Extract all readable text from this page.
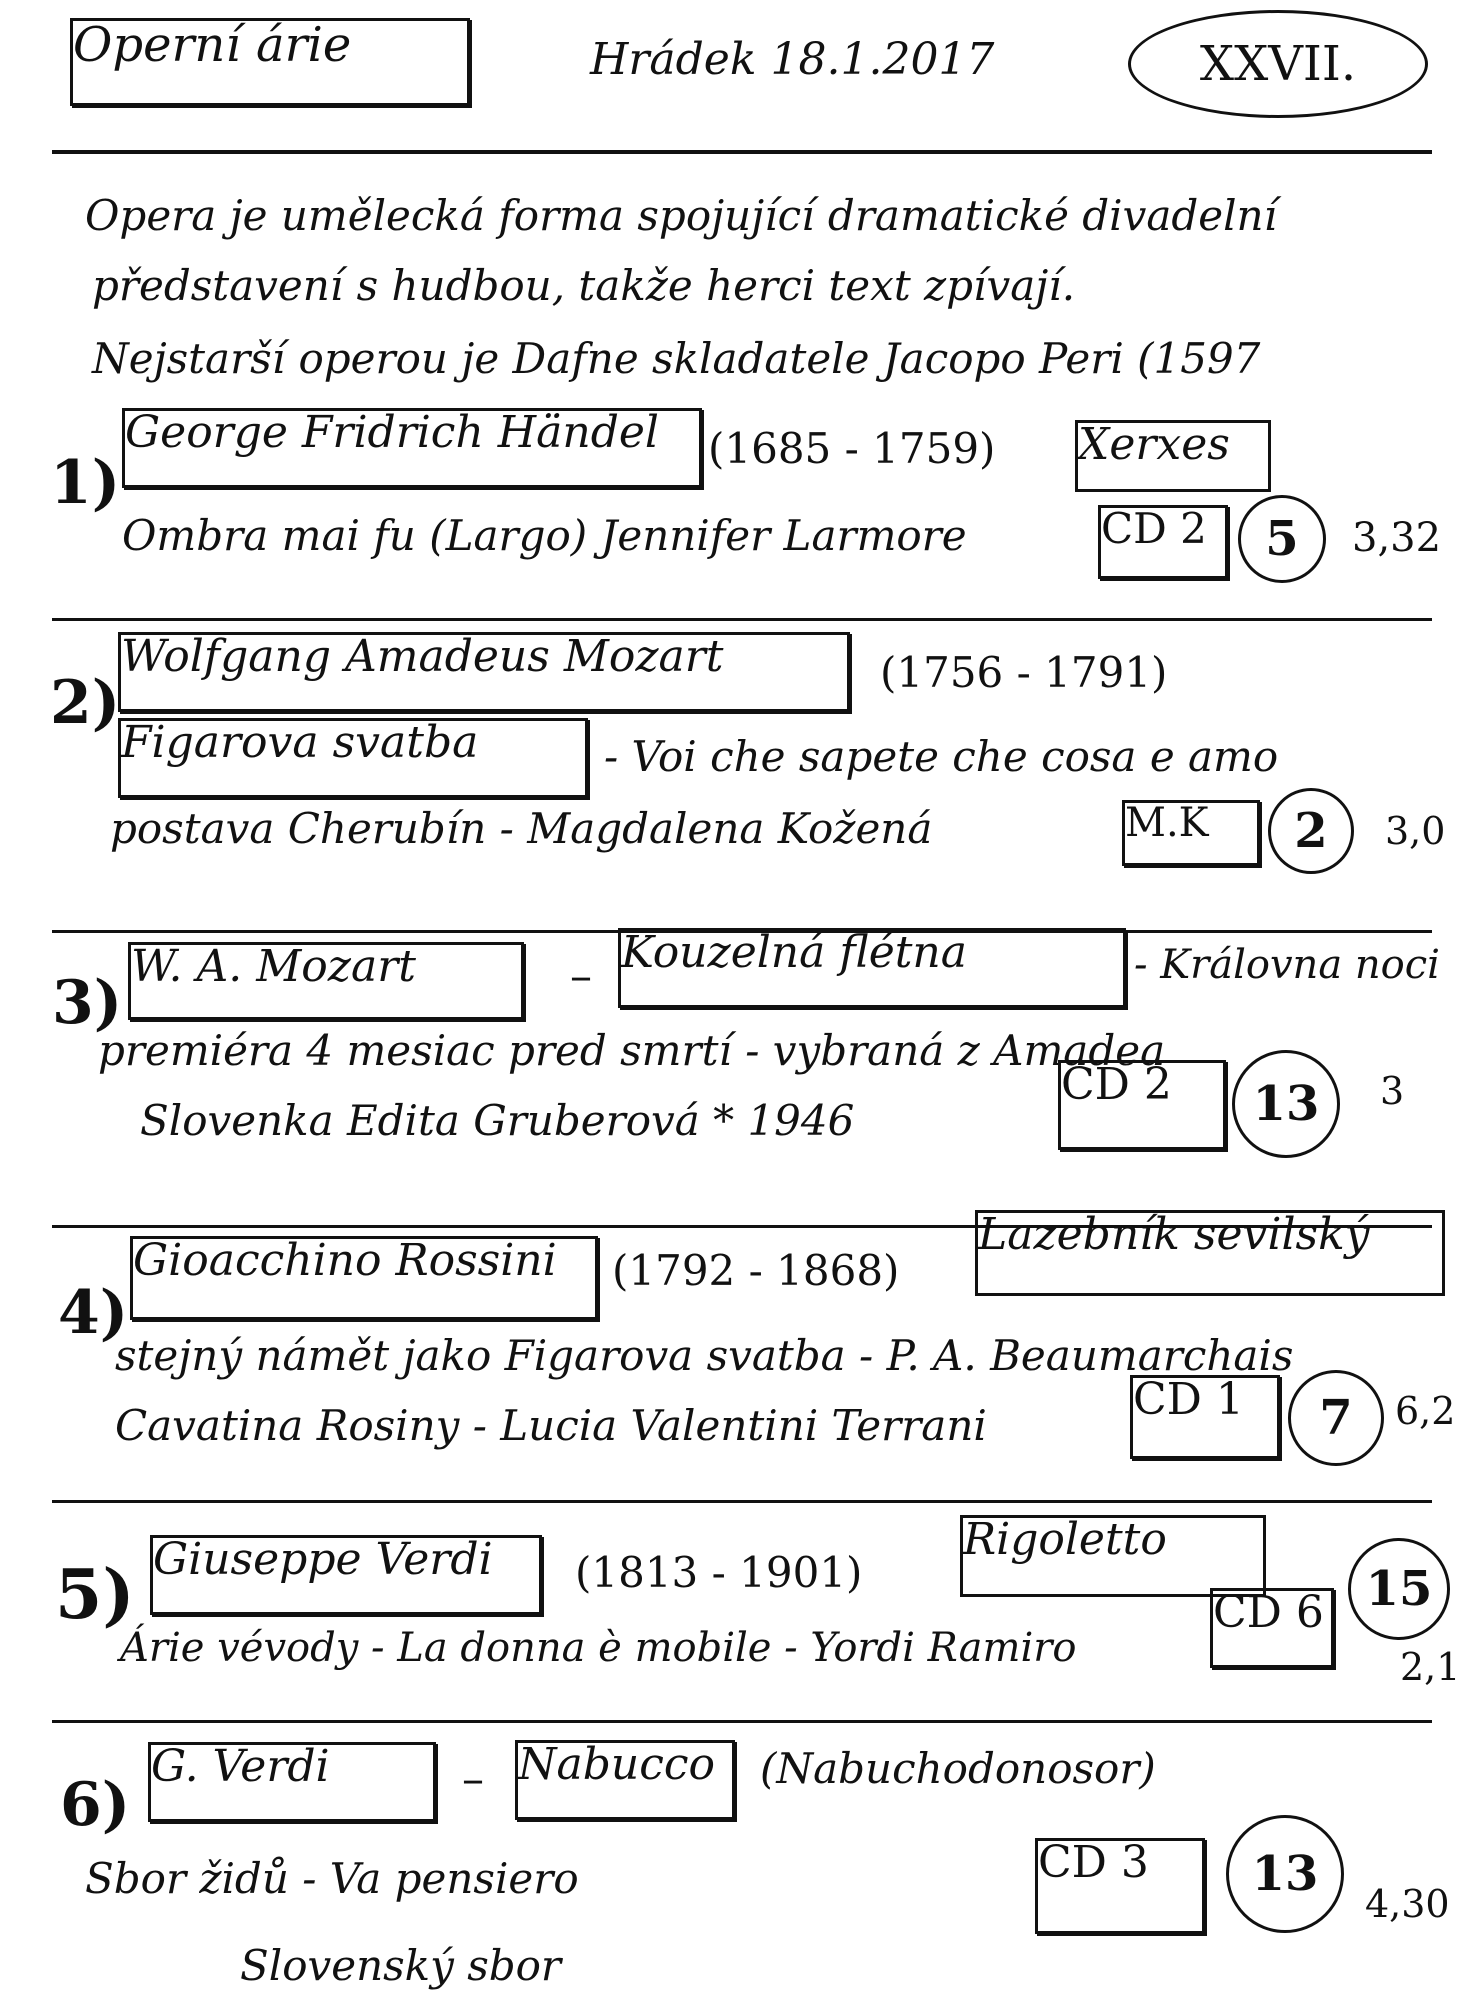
Operní árie	Hrádek 18.1.2017	XXVII.
Opera je umělecká forma spojující dramatické divadelní
představení s hudbou, takže herci text zpívají.
Nejstarší operou je Dafne skladatele Jacopo Peri (1597
1)
George Fridrich Händel	(1685 - 1759) Xerxes
Ombra mai fu (Largo) Jennifer Larmore	CD 2	5 3,32
2)
Wolfgang Amadeus Mozart	(1756 - 1791)
Figarova svatba	- Voi che sapete che cosa e amo
postava Cherubín - Magdalena Kožená	M.K	2 3,0
3)
W. A. Mozart	– Kouzelná flétna	- Královna noci
premiéra 4 mesiac pred smrtí - vybraná z Amadea
Slovenka Edita Gruberová * 1946
CD 2	13 3
4)
Gioacchino Rossini	(1792 - 1868)
Lazebník sevilský
stejný námět jako Figarova svatba - P. A. Beaumarchais
Cavatina Rosiny - Lucia Valentini Terrani
CD 1	7 6,2
5) Giuseppe Verdi	(1813 - 1901)
Rigoletto
Árie vévody - La donna è mobile - Yordi Ramiro
CD 6 15
2,1
6)
G. Verdi	– Nabucco	(Nabuchodonosor)
Sbor židů - Va pensiero
Slovenský sbor
CD 3	13
4,30
